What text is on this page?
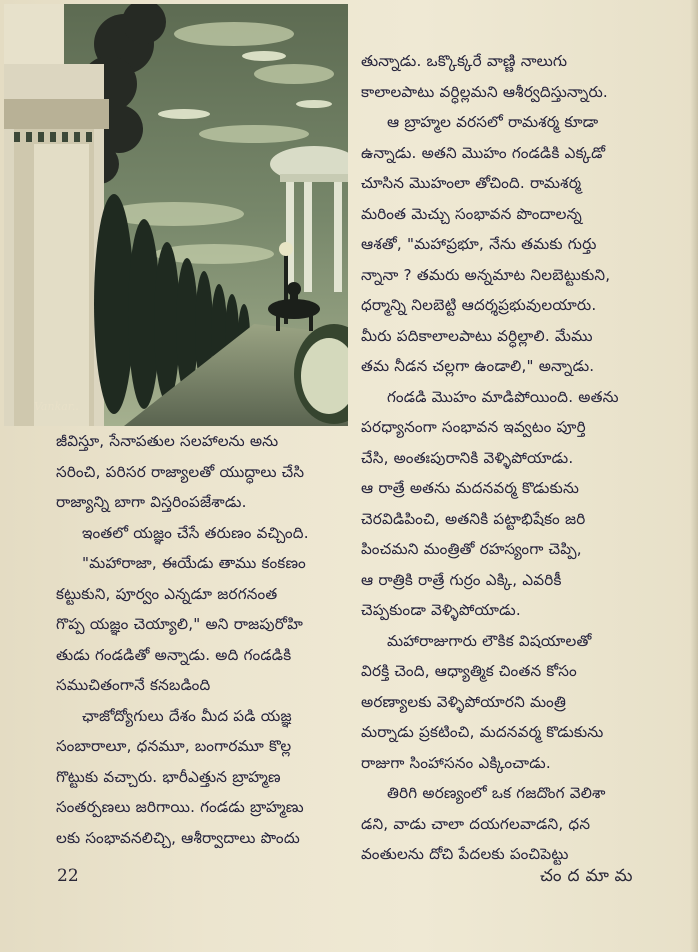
Vankar..

జీవిస్తూ, సేనాపతుల సలహాలను అను
సరించి, పరిసర రాజ్యాలతో యుద్ధాలు చేసి
రాజ్యాన్ని బాగా విస్తరింపజేశాడు.
ఇంతలో యజ్ఞం చేసే తరుణం వచ్చింది.
"మహారాజా, ఈయేడు తాము కంకణం
కట్టుకుని, పూర్వం ఎన్నడూ జరగనంత
గొప్ప యజ్ఞం చెయ్యాలి," అని రాజపురోహి
తుడు గండడితో అన్నాడు. అది గండడికి
సముచితంగానే కనబడింది
ఛాజోద్యోగులు దేశం మీద పడి యజ్ఞ
సంబారాలూ, ధనమూ, బంగారమూ కొల్ల
గొట్టుకు వచ్చారు. భారీఎత్తున బ్రాహ్మణ
సంతర్పణలు జరిగాయి. గండడు బ్రాహ్మణు
లకు సంభావనలిచ్చి, ఆశీర్వాదాలు పొందు

తున్నాడు. ఒక్కొక్కరే వాణ్ణి నాలుగు
కాలాలపాటు వర్ధిల్లమని ఆశీర్వదిస్తున్నారు.
ఆ బ్రాహ్మల వరసలో రామశర్మ కూడా
ఉన్నాడు. అతని మొహం గండడికి ఎక్కడో
చూసిన మొహంలా తోచింది. రామశర్మ
మరింత మెచ్చు సంభావన పొందాలన్న
ఆశతో, "మహాప్రభూ, నేను తమకు గుర్తు
న్నానా ? తమరు అన్నమాట నిలబెట్టుకుని,
ధర్మాన్ని నిలబెట్టి ఆదర్శప్రభువులయారు.
మీరు పదికాలాలపాటు వర్ధిల్లాలి. మేము
తమ నీడన చల్లగా ఉండాలి," అన్నాడు.
గండడి మొహం మాడిపోయింది. అతను
పరధ్యానంగా సంభావన ఇవ్వటం పూర్తి
చేసి, అంతఃపురానికి వెళ్ళిపోయాడు.
ఆ రాత్రే అతను మదనవర్మ కొడుకును
చెరవిడిపించి, అతనికి పట్టాభిషేకం జరి
పించమని మంత్రితో రహస్యంగా చెప్పి,
ఆ రాత్రికి రాత్రే గుర్రం ఎక్కి, ఎవరికీ
చెప్పకుండా వెళ్ళిపోయాడు.
మహారాజుగారు లౌకిక విషయాలతో
విరక్తి చెంది, ఆధ్యాత్మిక చింతన కోసం
అరణ్యాలకు వెళ్ళిపోయారని మంత్రి
మర్నాడు ప్రకటించి, మదనవర్మ కొడుకును
రాజుగా సింహాసనం ఎక్కించాడు.
తిరిగి అరణ్యంలో ఒక గజదొంగ వెలిశా
డని, వాడు చాలా దయగలవాడని, ధన
వంతులను దోచి పేదలకు పంచిపెట్టు

22	చందమామ
